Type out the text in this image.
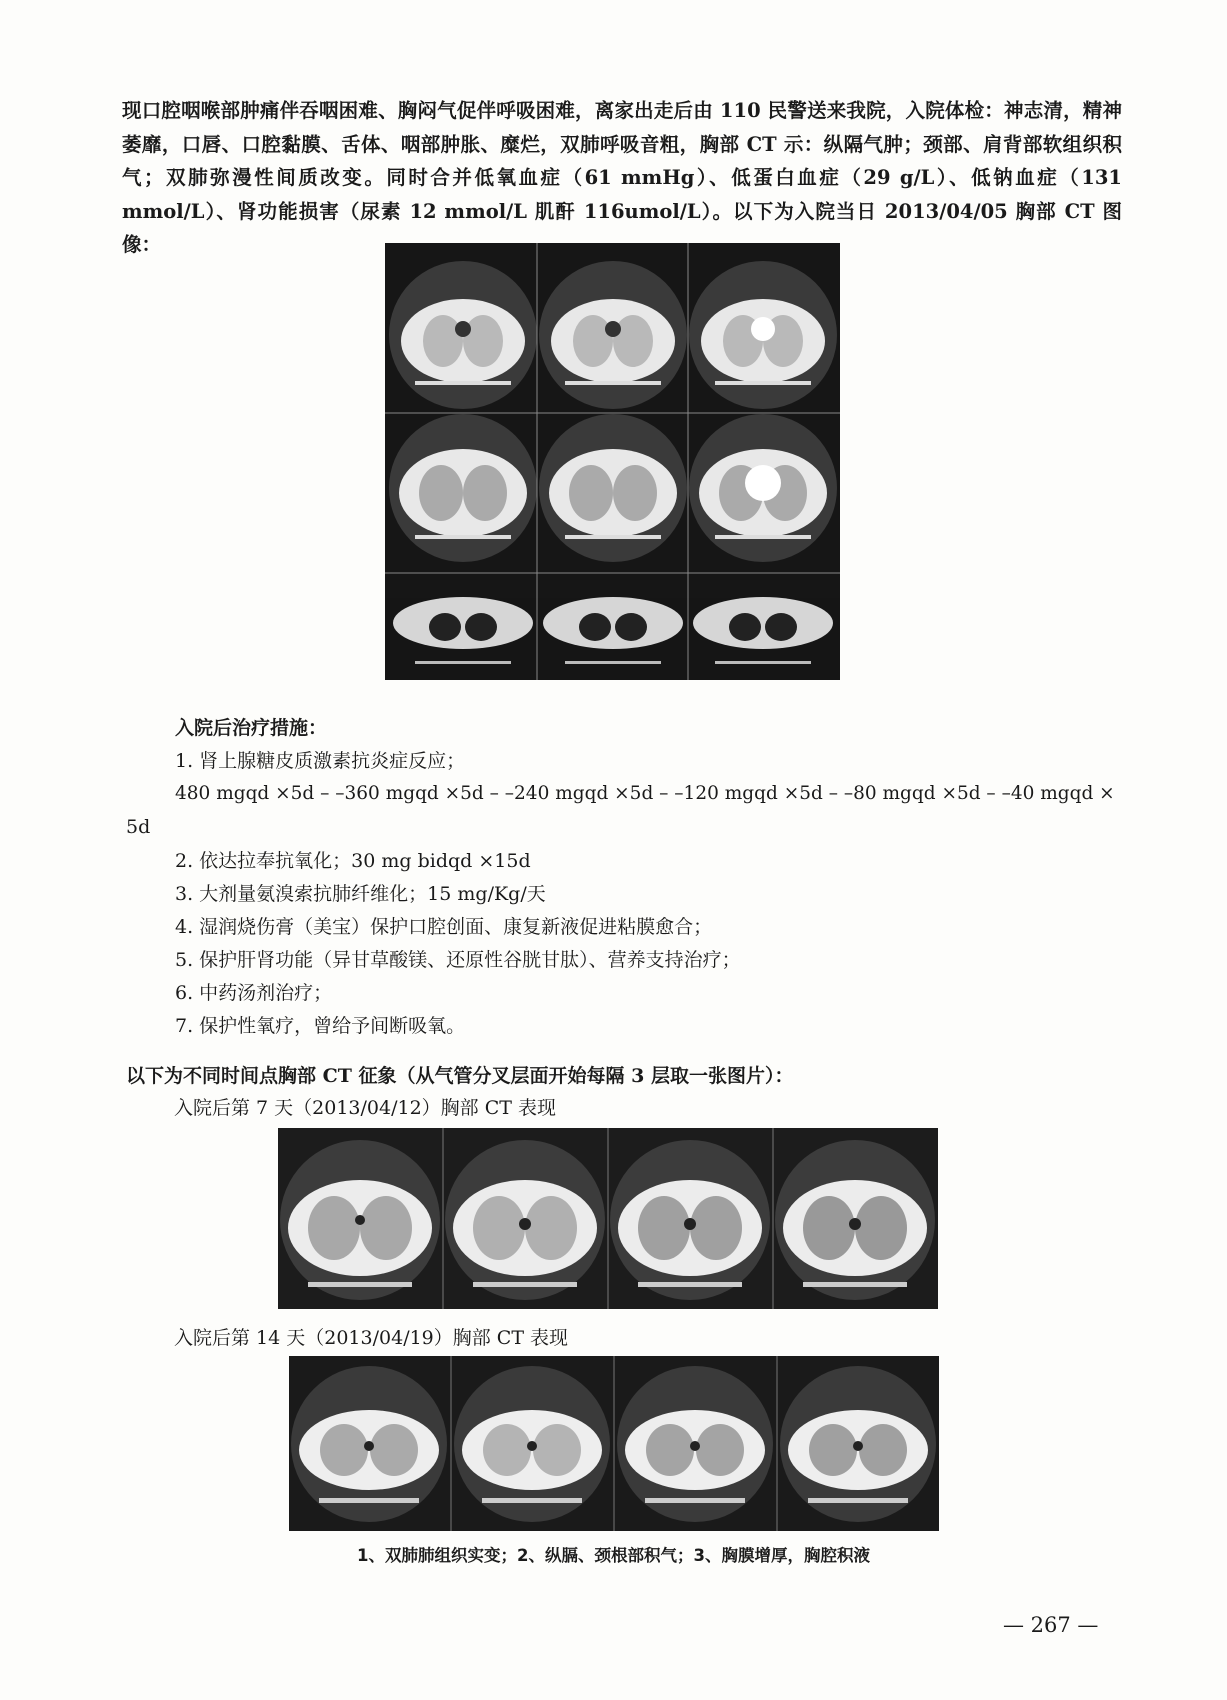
现口腔咽喉部肿痛伴吞咽困难、胸闷气促伴呼吸困难，离家出走后由 110 民警送来我院，入院体检：神志清，精神萎靡，口唇、口腔黏膜、舌体、咽部肿胀、糜烂，双肺呼吸音粗，胸部 CT 示：纵隔气肿；颈部、肩背部软组织积气；双肺弥漫性间质改变。同时合并低氧血症（61 mmHg）、低蛋白血症（29 g/L）、低钠血症（131 mmol/L）、肾功能损害（尿素 12 mmol/L 肌酐 116umol/L）。以下为入院当日 2013/04/05 胸部 CT 图像：

入院后治疗措施：

1. 肾上腺糖皮质激素抗炎症反应；

480 mgqd ×5d – –360 mgqd ×5d – –240 mgqd ×5d – –120 mgqd ×5d – –80 mgqd ×5d – –40 mgqd ×

5d

2. 依达拉奉抗氧化；30 mg bidqd ×15d

3. 大剂量氨溴索抗肺纤维化；15 mg/Kg/天

4. 湿润烧伤膏（美宝）保护口腔创面、康复新液促进粘膜愈合；

5. 保护肝肾功能（异甘草酸镁、还原性谷胱甘肽）、营养支持治疗；

6. 中药汤剂治疗；

7. 保护性氧疗，曾给予间断吸氧。

以下为不同时间点胸部 CT 征象（从气管分叉层面开始每隔 3 层取一张图片）：

入院后第 7 天（2013/04/12）胸部 CT 表现

入院后第 14 天（2013/04/19）胸部 CT 表现

1、双肺肺组织实变；2、纵膈、颈根部积气；3、胸膜增厚，胸腔积液
— 267 —
